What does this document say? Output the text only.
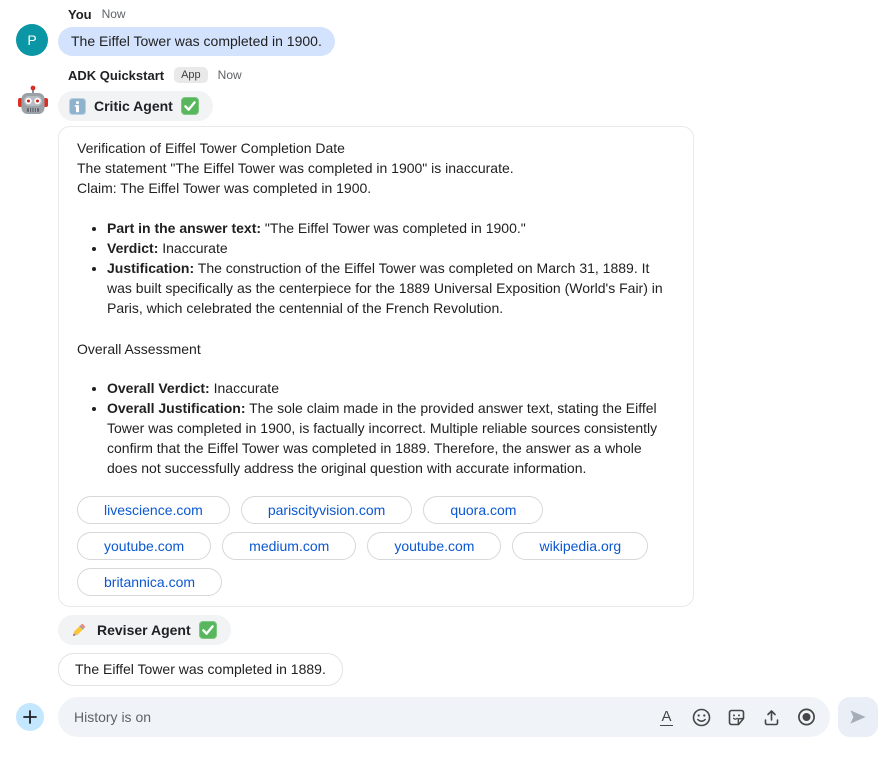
P
You Now
The Eiffel Tower was completed in 1900.
ADK Quickstart	App	Now
Critic Agent

Verification of Eiffel Tower Completion Date

The statement "The Eiffel Tower was completed in 1900" is inaccurate.

Claim: The Eiffel Tower was completed in 1900.

• Part in the answer text: "The Eiffel Tower was completed in 1900."
• Verdict: Inaccurate
• Justification: The construction of the Eiffel Tower was completed on March 31, 1889. It was built specifically as the centerpiece for the 1889 Universal Exposition (World's Fair) in Paris, which celebrated the centennial of the French Revolution.

Overall Assessment

• Overall Verdict: Inaccurate
• Overall Justification: The sole claim made in the provided answer text, stating the Eiffel Tower was completed in 1900, is factually incorrect. Multiple reliable sources consistently confirm that the Eiffel Tower was completed in 1889. Therefore, the answer as a whole does not successfully address the original question with accurate information.
livescience.com	pariscityvision.com	quora.com
youtube.com	medium.com	youtube.com	wikipedia.org
britannica.com
Reviser Agent
The Eiffel Tower was completed in 1889.
History is on
A
